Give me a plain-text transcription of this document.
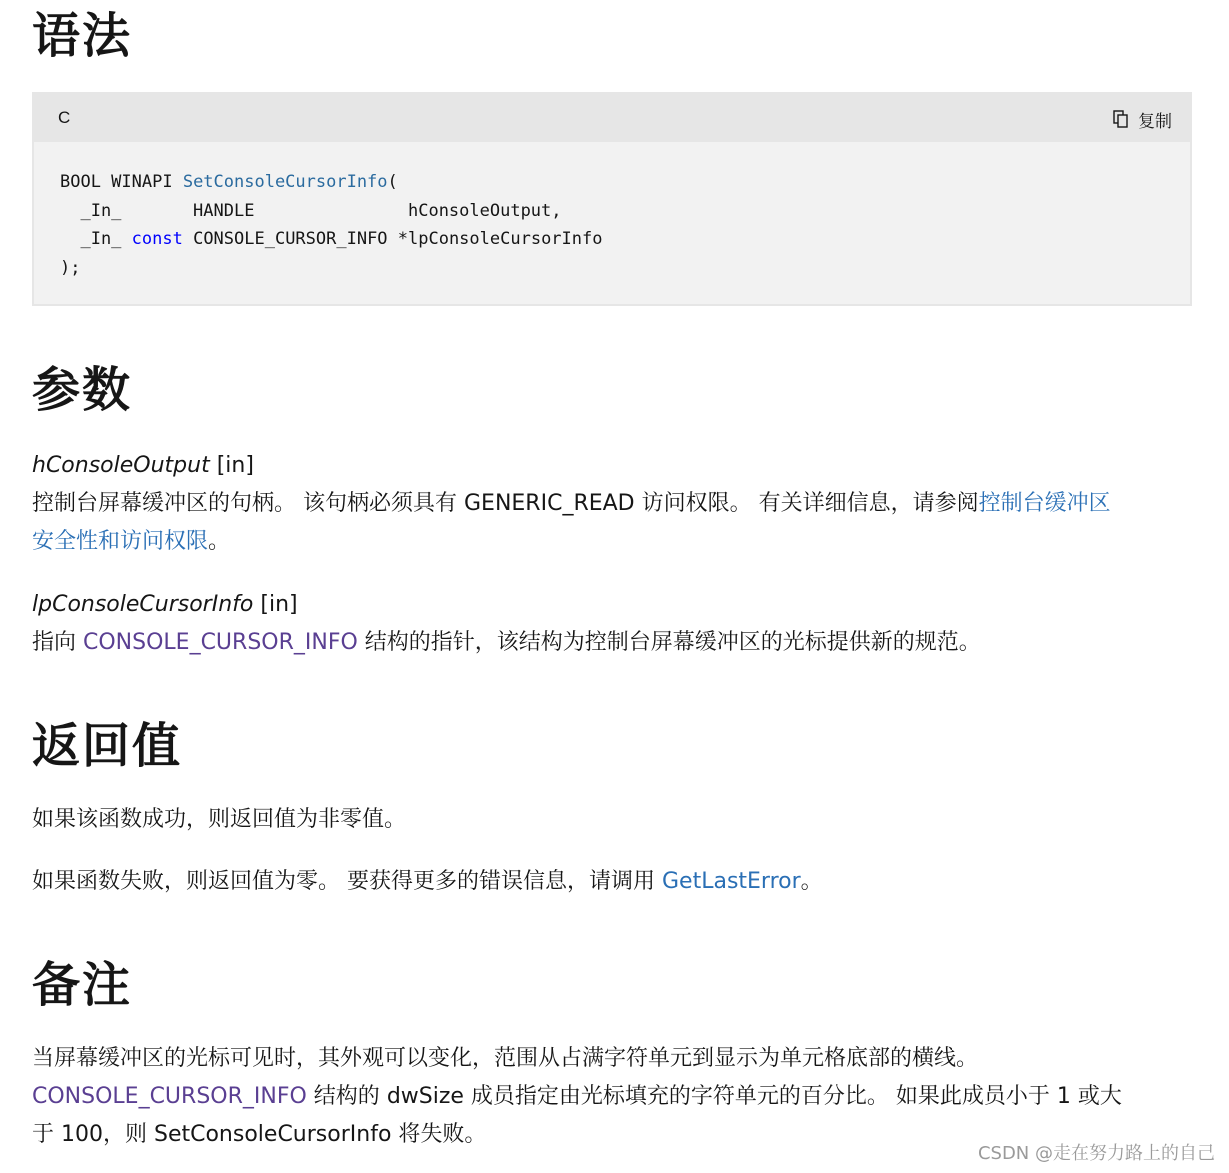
语法
C	复制
BOOL WINAPI SetConsoleCursorInfo(
_In_       HANDLE               hConsoleOutput,
_In_ const CONSOLE_CURSOR_INFO *lpConsoleCursorInfo
);
参数
hConsoleOutput [in]
控制台屏幕缓冲区的句柄。 该句柄必须具有 GENERIC_READ 访问权限。 有关详细信息，请参阅控制台缓冲区
安全性和访问权限。
lpConsoleCursorInfo [in]
指向 CONSOLE_CURSOR_INFO 结构的指针，该结构为控制台屏幕缓冲区的光标提供新的规范。
返回值
如果该函数成功，则返回值为非零值。
如果函数失败，则返回值为零。 要获得更多的错误信息，请调用 GetLastError。
备注
当屏幕缓冲区的光标可见时，其外观可以变化，范围从占满字符单元到显示为单元格底部的横线。
CONSOLE_CURSOR_INFO 结构的 dwSize 成员指定由光标填充的字符单元的百分比。 如果此成员小于 1 或大
于 100，则 SetConsoleCursorInfo 将失败。
CSDN @走在努力路上的自己
